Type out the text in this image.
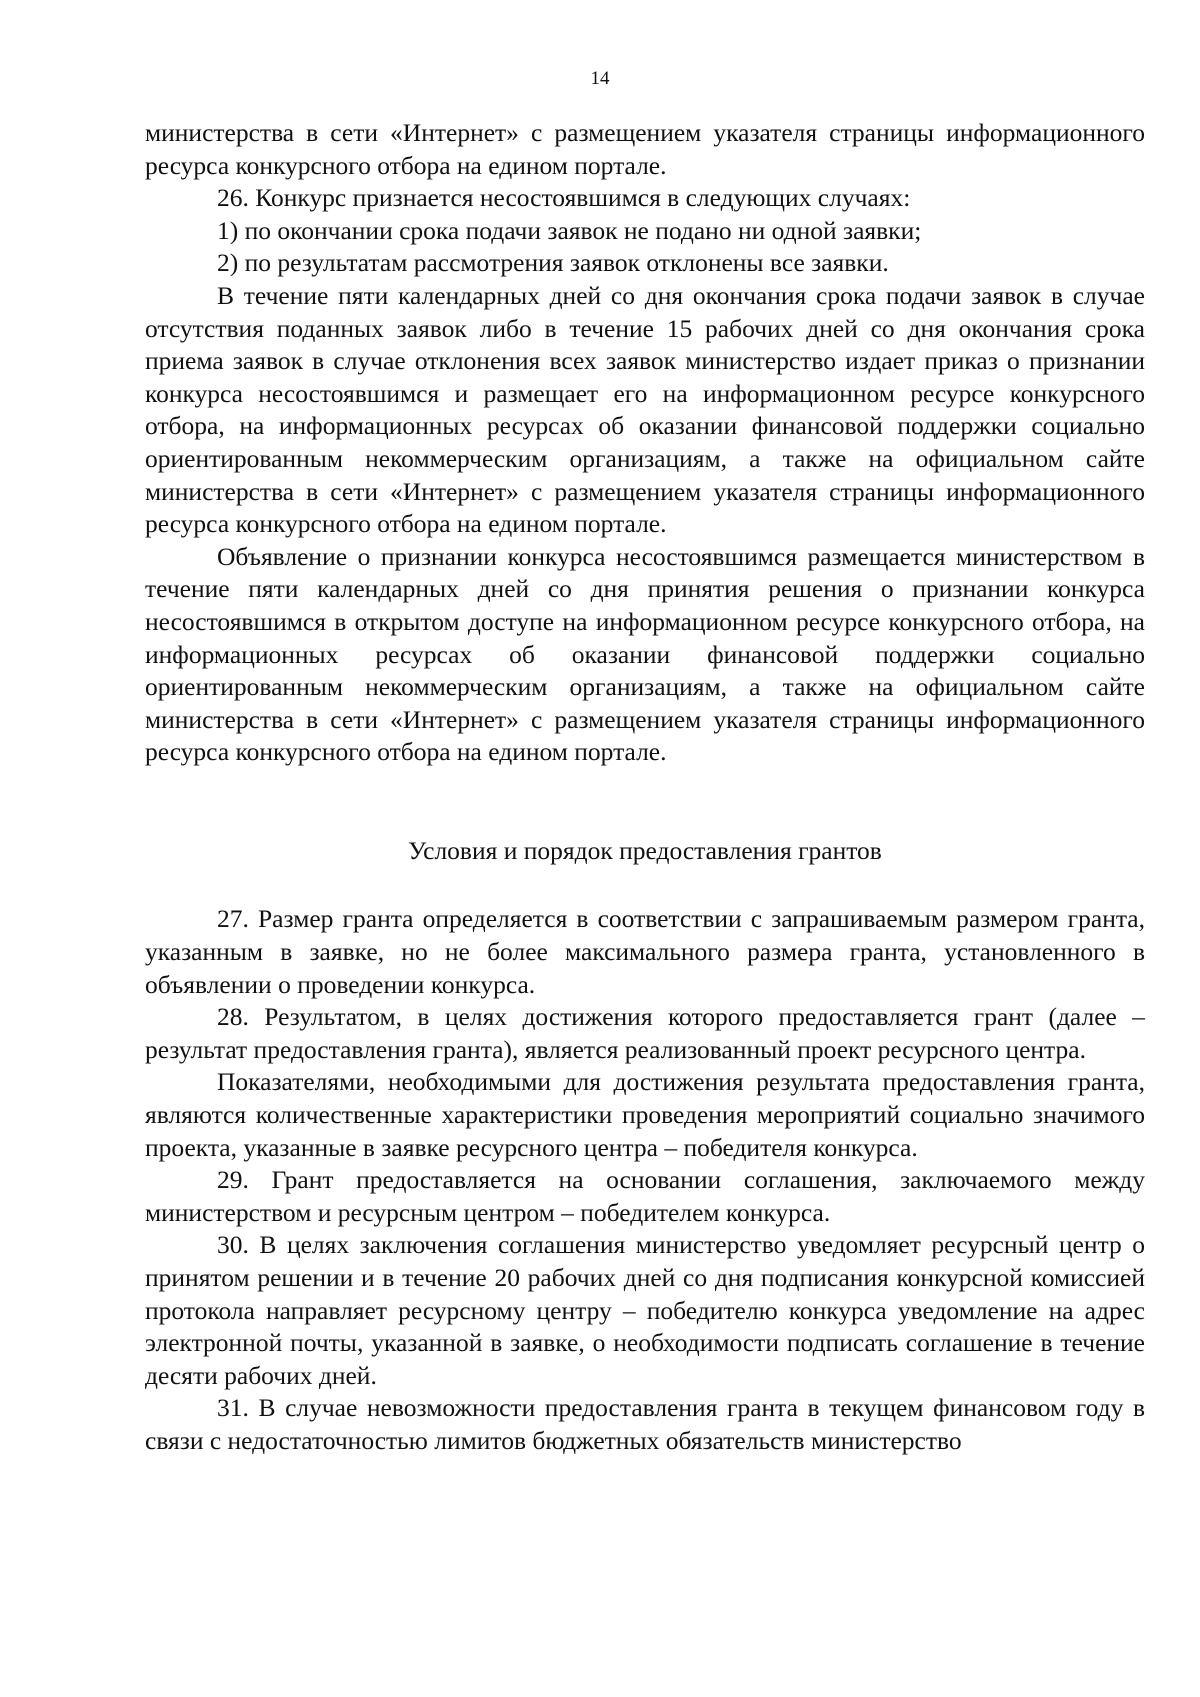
14

министерства в сети «Интернет» с размещением указателя страницы информационного ресурса конкурсного отбора на едином портале.

26. Конкурс признается несостоявшимся в следующих случаях:

1) по окончании срока подачи заявок не подано ни одной заявки;

2) по результатам рассмотрения заявок отклонены все заявки.

В течение пяти календарных дней со дня окончания срока подачи заявок в случае отсутствия поданных заявок либо в течение 15 рабочих дней со дня окончания срока приема заявок в случае отклонения всех заявок министерство издает приказ о признании конкурса несостоявшимся и размещает его на информационном ресурсе конкурсного отбора, на информационных ресурсах об оказании финансовой поддержки социально ориентированным некоммерческим организациям, а также на официальном сайте министерства в сети «Интернет» с размещением указателя страницы информационного ресурса конкурсного отбора на едином портале.

Объявление о признании конкурса несостоявшимся размещается министерством в течение пяти календарных дней со дня принятия решения о признании конкурса несостоявшимся в открытом доступе на информационном ресурсе конкурсного отбора, на информационных ресурсах об оказании финансовой поддержки социально ориентированным некоммерческим организациям, а также на официальном сайте министерства в сети «Интернет» с размещением указателя страницы информационного ресурса конкурсного отбора на едином портале.

Условия и порядок предоставления грантов

27. Размер гранта определяется в соответствии с запрашиваемым размером гранта, указанным в заявке, но не более максимального размера гранта, установленного в объявлении о проведении конкурса.

28. Результатом, в целях достижения которого предоставляется грант (далее – результат предоставления гранта), является реализованный проект ресурсного центра.

Показателями, необходимыми для достижения результата предоставления гранта, являются количественные характеристики проведения мероприятий социально значимого проекта, указанные в заявке ресурсного центра – победителя конкурса.

29. Грант предоставляется на основании соглашения, заключаемого между министерством и ресурсным центром – победителем конкурса.

30. В целях заключения соглашения министерство уведомляет ресурсный центр о принятом решении и в течение 20 рабочих дней со дня подписания конкурсной комиссией протокола направляет ресурсному центру – победителю конкурса уведомление на адрес электронной почты, указанной в заявке, о необходимости подписать соглашение в течение десяти рабочих дней.

31. В случае невозможности предоставления гранта в текущем финансовом году в связи с недостаточностью лимитов бюджетных обязательств министерство
